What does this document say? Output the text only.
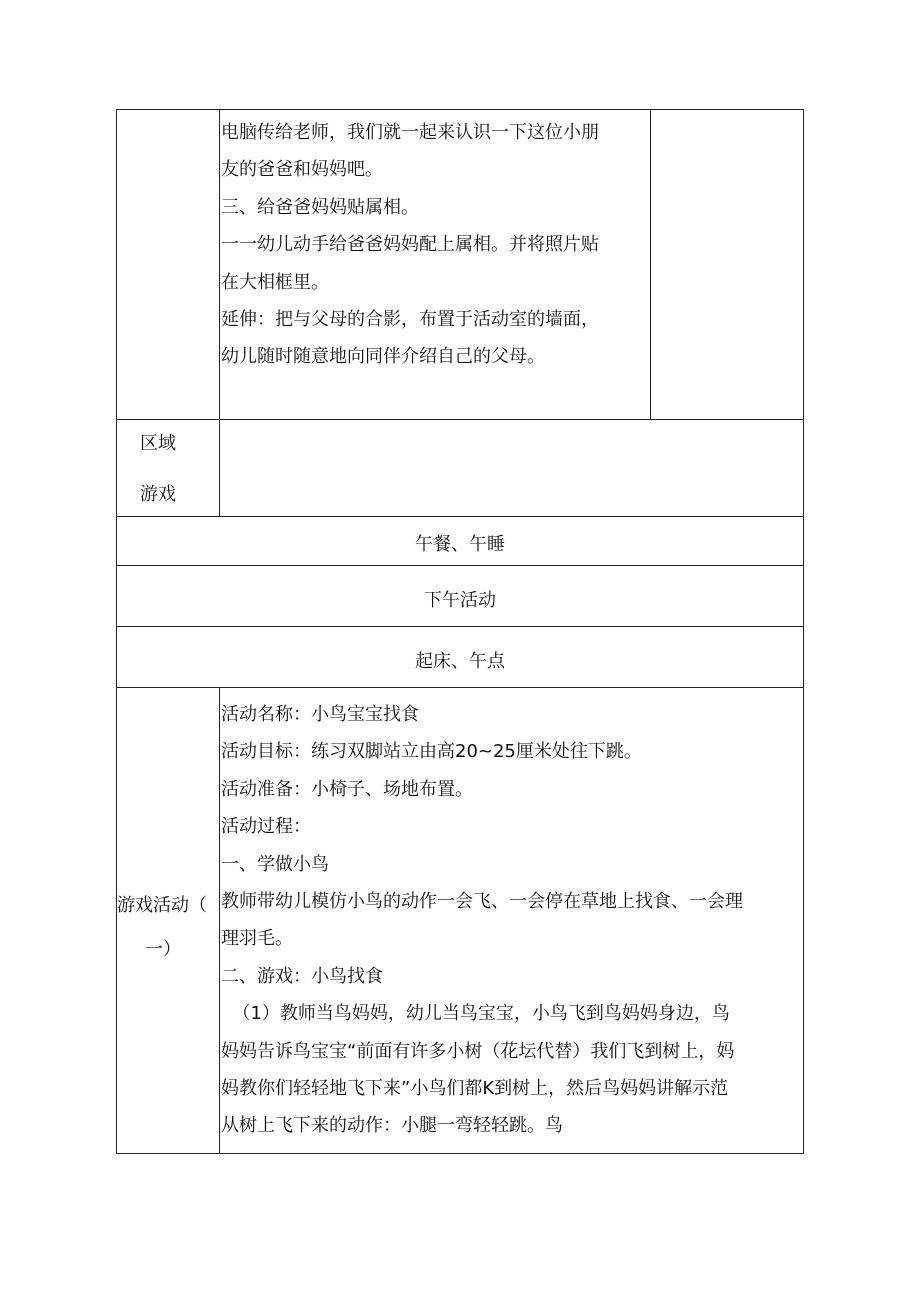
电脑传给老师，我们就一起来认识一下这位小朋
友的爸爸和妈妈吧。
三、给爸爸妈妈贴属相。
一一幼儿动手给爸爸妈妈配上属相。并将照片贴
在大相框里。
延伸：把与父母的合影，布置于活动室的墙面，
幼儿随时随意地向同伴介绍自己的父母。
区域
游戏
午餐、午睡
下午活动
起床、午点
游戏活动（
一）
活动名称：小鸟宝宝找食
活动目标：练习双脚站立由高20~25厘米处往下跳。
活动准备：小椅子、场地布置。
活动过程：
一、学做小鸟
教师带幼儿模仿小鸟的动作一会飞、一会停在草地上找食、一会理
理羽毛。
二、游戏：小鸟找食
（1）教师当鸟妈妈，幼儿当鸟宝宝，小鸟飞到鸟妈妈身边，鸟
妈妈告诉鸟宝宝“前面有许多小树（花坛代替）我们飞到树上，妈
妈教你们轻轻地飞下来”小鸟们都K到树上，然后鸟妈妈讲解示范
从树上飞下来的动作：小腿一弯轻轻跳。鸟
